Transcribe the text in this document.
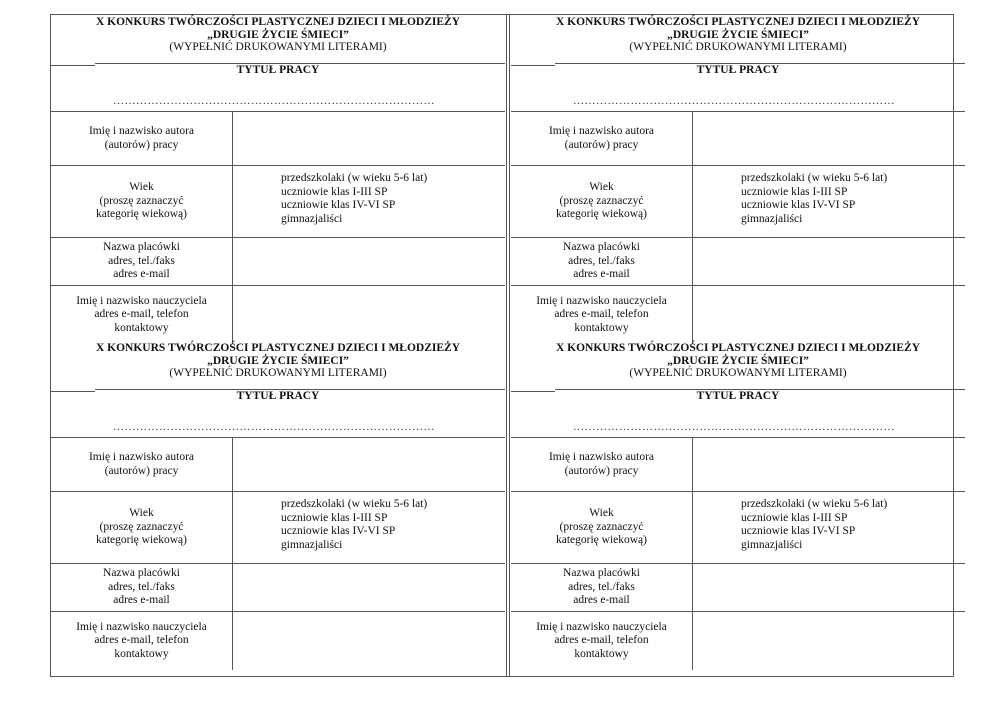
X KONKURS TWÓRCZOŚCI PLASTYCZNEJ DZIECI I MŁODZIEŻY
„DRUGIE ŻYCIE ŚMIECI”
(WYPEŁNIĆ DRUKOWANYMI LITERAMI)
TYTUŁ PRACY
…………………………………………………………………………
Imię i nazwisko autora
(autorów) pracy
Wiek
(proszę zaznaczyć
kategorię wiekową)
przedszkolaki (w wieku 5-6 lat)
uczniowie klas I-III SP
uczniowie klas IV-VI SP
gimnazjaliści
Nazwa placówki
adres, tel./faks
adres e-mail
Imię i nazwisko nauczyciela
adres e-mail, telefon
kontaktowy
X KONKURS TWÓRCZOŚCI PLASTYCZNEJ DZIECI I MŁODZIEŻY
„DRUGIE ŻYCIE ŚMIECI”
(WYPEŁNIĆ DRUKOWANYMI LITERAMI)
TYTUŁ PRACY
…………………………………………………………………………
Imię i nazwisko autora
(autorów) pracy
Wiek
(proszę zaznaczyć
kategorię wiekową)
przedszkolaki (w wieku 5-6 lat)
uczniowie klas I-III SP
uczniowie klas IV-VI SP
gimnazjaliści
Nazwa placówki
adres, tel./faks
adres e-mail
Imię i nazwisko nauczyciela
adres e-mail, telefon
kontaktowy
X KONKURS TWÓRCZOŚCI PLASTYCZNEJ DZIECI I MŁODZIEŻY
„DRUGIE ŻYCIE ŚMIECI”
(WYPEŁNIĆ DRUKOWANYMI LITERAMI)
TYTUŁ PRACY
…………………………………………………………………………
Imię i nazwisko autora
(autorów) pracy
Wiek
(proszę zaznaczyć
kategorię wiekową)
przedszkolaki (w wieku 5-6 lat)
uczniowie klas I-III SP
uczniowie klas IV-VI SP
gimnazjaliści
Nazwa placówki
adres, tel./faks
adres e-mail
Imię i nazwisko nauczyciela
adres e-mail, telefon
kontaktowy
X KONKURS TWÓRCZOŚCI PLASTYCZNEJ DZIECI I MŁODZIEŻY
„DRUGIE ŻYCIE ŚMIECI”
(WYPEŁNIĆ DRUKOWANYMI LITERAMI)
TYTUŁ PRACY
…………………………………………………………………………
Imię i nazwisko autora
(autorów) pracy
Wiek
(proszę zaznaczyć
kategorię wiekową)
przedszkolaki (w wieku 5-6 lat)
uczniowie klas I-III SP
uczniowie klas IV-VI SP
gimnazjaliści
Nazwa placówki
adres, tel./faks
adres e-mail
Imię i nazwisko nauczyciela
adres e-mail, telefon
kontaktowy
